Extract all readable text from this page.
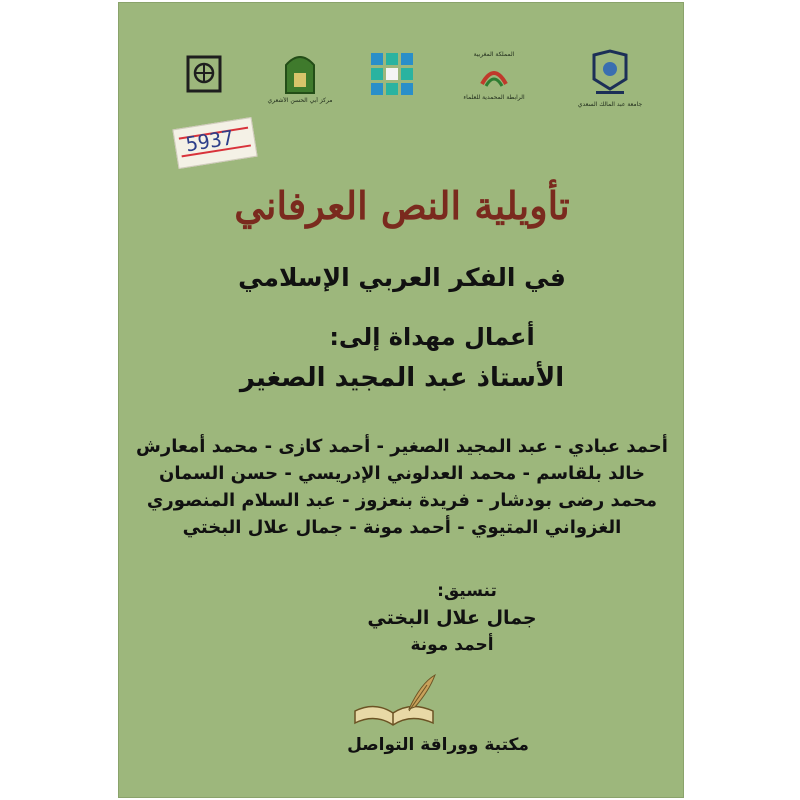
جامعة عبد المالك السعدي
المملكة المغربية
الرابطة المحمدية للعلماء
مركز أبي الحسن الأشعري
5937
تأويلية النص العرفاني
في الفكر العربي الإسلامي
أعمال مهداة إلى:
الأستاذ عبد المجيد الصغير
أحمد عبادي - عبد المجيد الصغير - أحمد كازى - محمد أمعارش
خالد بلقاسم - محمد العدلوني الإدريسي - حسن السمان
محمد رضى بودشار - فريدة بنعزوز - عبد السلام المنصوري
الغزواني المتيوي - أحمد مونة - جمال علال البختي
تنسيق:
جمال علال البختي
أحمد مونة
مكتبة ووراقة التواصل
